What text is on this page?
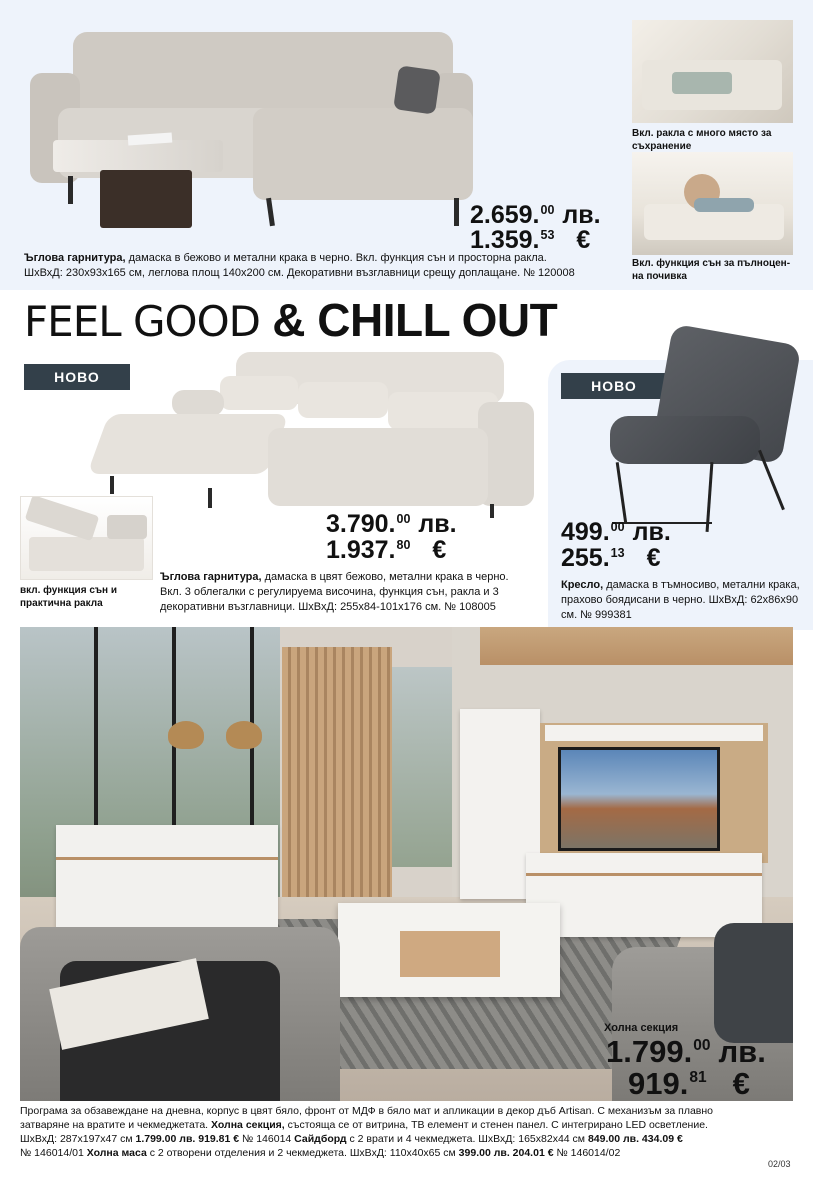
2.659.00 лв.
1.359.53 €
Ъглова гарнитура, дамаска в бежово и метални крака в черно. Вкл. функция сън и просторна ракла.
ШхВхД: 230x93x165 см, леглова площ 140x200 см. Декоративни възглавници срещу доплащане. № 120008
Вкл. ракла с много място за съхранение
Вкл. функция сън за пълноцен-на почивка
FEEL GOOD & CHILL OUT
НОВО
вкл. функция сън и практична ракла
3.790.00 лв.
1.937.80 €
Ъглова гарнитура, дамаска в цвят бежово, метални крака в черно. Вкл. 3 облегалки с регулируема височина, функция сън, ракла и 3 декоративни възглавници. ШхВхД: 255x84-101x176 см. № 108005
НОВО
499.00 лв.
255.13 €
Кресло, дамаска в тъмносиво, метални крака, прахово боядисани в черно. ШхВхД: 62x86x90 см. № 999381
Холна секция
1.799.00 лв.
919.81 €
Програма за обзавеждане на дневна, корпус в цвят бяло, фронт от МДФ в бяло мат и апликации в декор дъб Artisan. С механизъм за плавно
затваряне на вратите и чекмеджетата. Холна секция, състояща се от витрина, ТВ елемент и стенен панел. С интегрирано LED осветление.
ШхВхД: 287x197x47 см 1.799.00 лв. 919.81 € № 146014 Сайдборд с 2 врати и 4 чекмеджета. ШхВхД: 165x82x44 см 849.00 лв. 434.09 €
№ 146014/01 Холна маса с 2 отворени отделения и 2 чекмеджета. ШхВхД: 110x40x65 см 399.00 лв. 204.01 € № 146014/02
02/03
